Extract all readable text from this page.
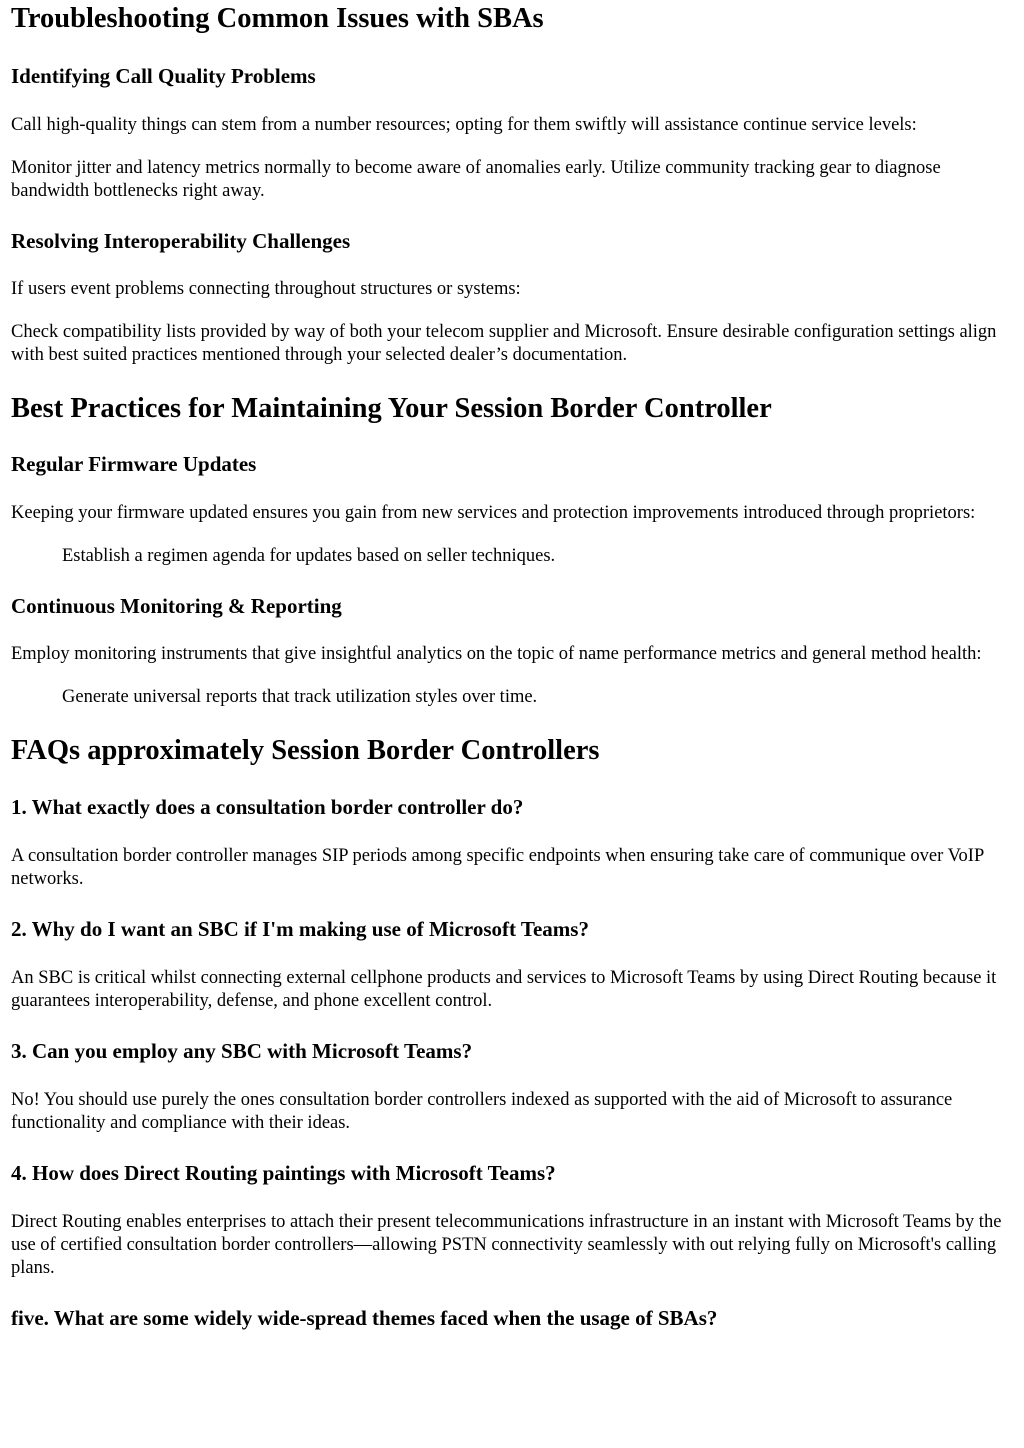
Troubleshooting Common Issues with SBAs
Identifying Call Quality Problems

Call high-quality things can stem from a number resources; opting for them swiftly will assistance continue service levels:

Monitor jitter and latency metrics normally to become aware of anomalies early. Utilize community tracking gear to diagnose bandwidth bottlenecks right away.

Resolving Interoperability Challenges

If users event problems connecting throughout structures or systems:

Check compatibility lists provided by way of both your telecom supplier and Microsoft. Ensure desirable configuration settings align with best suited practices mentioned through your selected dealer’s documentation.

Best Practices for Maintaining Your Session Border Controller
Regular Firmware Updates

Keeping your firmware updated ensures you gain from new services and protection improvements introduced through proprietors:

Establish a regimen agenda for updates based on seller techniques.

Continuous Monitoring & Reporting

Employ monitoring instruments that give insightful analytics on the topic of name performance metrics and general method health:

Generate universal reports that track utilization styles over time.

FAQs approximately Session Border Controllers
1. What exactly does a consultation border controller do?

A consultation border controller manages SIP periods among specific endpoints when ensuring take care of communique over VoIP networks.

2. Why do I want an SBC if I'm making use of Microsoft Teams?

An SBC is critical whilst connecting external cellphone products and services to Microsoft Teams by using Direct Routing because it guarantees interoperability, defense, and phone excellent control.

3. Can you employ any SBC with Microsoft Teams?

No! You should use purely the ones consultation border controllers indexed as supported with the aid of Microsoft to assurance functionality and compliance with their ideas.

4. How does Direct Routing paintings with Microsoft Teams?

Direct Routing enables enterprises to attach their present telecommunications infrastructure in an instant with Microsoft Teams by the use of certified consultation border controllers—allowing PSTN connectivity seamlessly with out relying fully on Microsoft's calling plans.

five. What are some widely wide-spread themes faced when the usage of SBAs?
